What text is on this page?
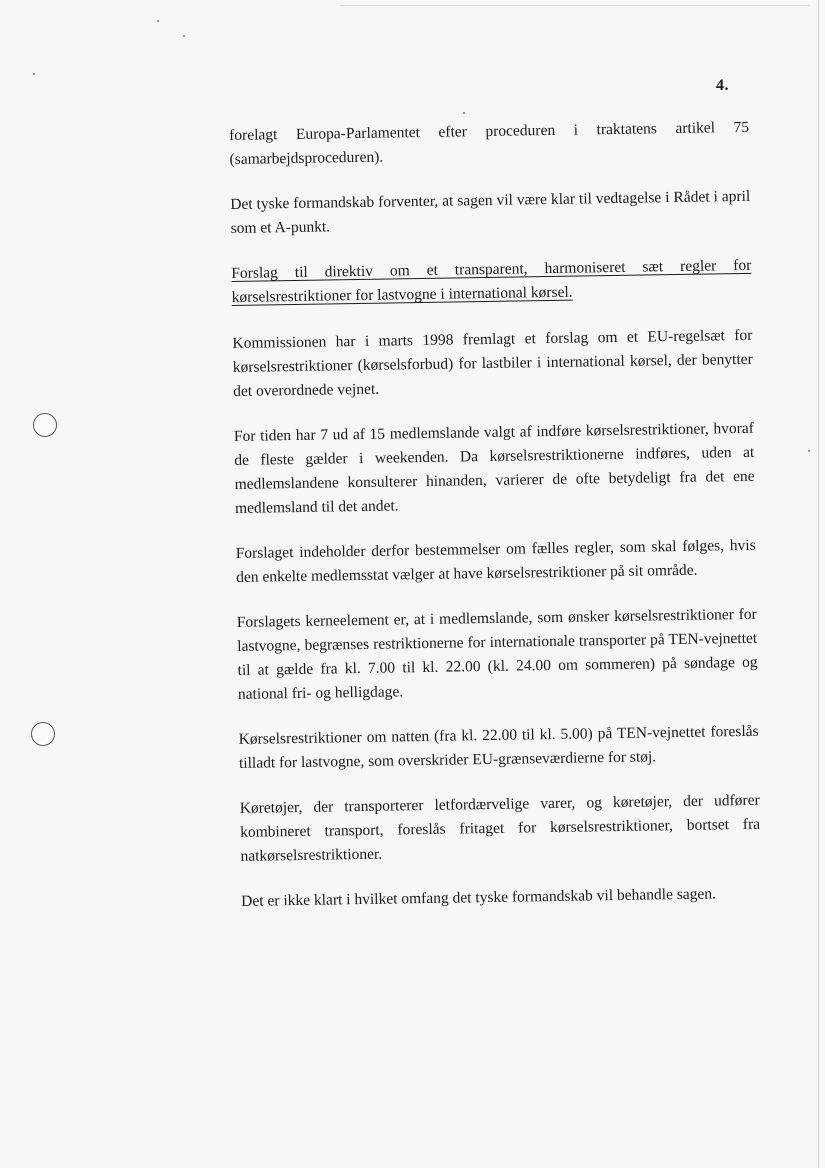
4.

forelagt Europa-Parlamentet efter proceduren i traktatens artikel 75 (samarbejdsproceduren).

Det tyske formandskab forventer, at sagen vil være klar til vedtagelse i Rådet i april som et A-punkt.

Forslag til direktiv om et transparent, harmoniseret sæt regler for kørselsrestriktioner for lastvogne i international kørsel.

Kommissionen har i marts 1998 fremlagt et forslag om et EU-regelsæt for kørselsrestriktioner (kørselsforbud) for lastbiler i international kørsel, der benytter det overordnede vejnet.

For tiden har 7 ud af 15 medlemslande valgt af indføre kørselsrestriktioner, hvoraf de fleste gælder i weekenden. Da kørselsrestriktionerne indføres, uden at medlemslandene konsulterer hinanden, varierer de ofte betydeligt fra det ene medlemsland til det andet.

Forslaget indeholder derfor bestemmelser om fælles regler, som skal følges, hvis den enkelte medlemsstat vælger at have kørselsrestriktioner på sit område.

Forslagets kerneelement er, at i medlemslande, som ønsker kørselsrestriktioner for lastvogne, begrænses restriktionerne for internationale transporter på TEN-vejnettet til at gælde fra kl. 7.00 til kl. 22.00 (kl. 24.00 om sommeren) på søndage og national fri- og helligdage.

Kørselsrestriktioner om natten (fra kl. 22.00 til kl. 5.00) på TEN-vejnettet foreslås tilladt for lastvogne, som overskrider EU-grænseværdierne for støj.

Køretøjer, der transporterer letfordærvelige varer, og køretøjer, der udfører kombineret transport, foreslås fritaget for kørselsrestriktioner, bortset fra natkørselsrestriktioner.

Det er ikke klart i hvilket omfang det tyske formandskab vil behandle sagen.
